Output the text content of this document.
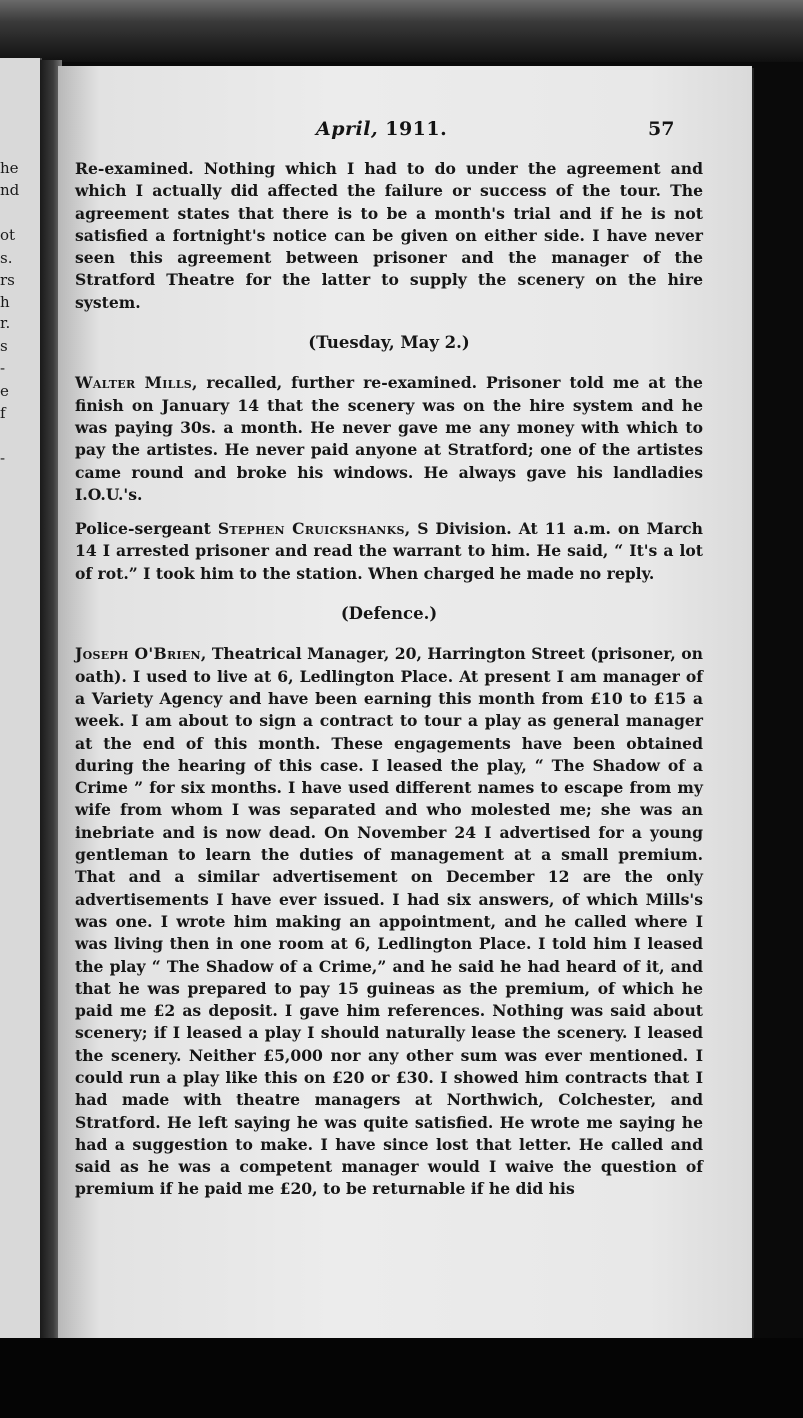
he
nd
ot
s.
rs
h
r.
s
-
e
f
-
April, 1911.	57

Re-examined. Nothing which I had to do under the agreement and which I actually did affected the failure or success of the tour. The agreement states that there is to be a month's trial and if he is not satisfied a fortnight's notice can be given on either side. I have never seen this agreement between prisoner and the manager of the Stratford Theatre for the latter to supply the scenery on the hire system.

(Tuesday, May 2.)

Walter Mills, recalled, further re-examined. Prisoner told me at the finish on January 14 that the scenery was on the hire system and he was paying 30s. a month. He never gave me any money with which to pay the artistes. He never paid anyone at Stratford; one of the artistes came round and broke his windows. He always gave his landladies I.O.U.'s.

Police-sergeant Stephen Cruickshanks, S Division. At 11 a.m. on March 14 I arrested prisoner and read the warrant to him. He said, “ It's a lot of rot.” I took him to the station. When charged he made no reply.

(Defence.)

Joseph O'Brien, Theatrical Manager, 20, Harrington Street (prisoner, on oath). I used to live at 6, Ledlington Place. At present I am manager of a Variety Agency and have been earning this month from £10 to £15 a week. I am about to sign a contract to tour a play as general manager at the end of this month. These engagements have been obtained during the hearing of this case. I leased the play, “ The Shadow of a Crime ” for six months. I have used different names to escape from my wife from whom I was separated and who molested me; she was an inebriate and is now dead. On November 24 I advertised for a young gentleman to learn the duties of management at a small premium. That and a similar advertisement on December 12 are the only advertisements I have ever issued. I had six answers, of which Mills's was one. I wrote him making an appointment, and he called where I was living then in one room at 6, Ledlington Place. I told him I leased the play “ The Shadow of a Crime,” and he said he had heard of it, and that he was prepared to pay 15 guineas as the premium, of which he paid me £2 as deposit. I gave him references. Nothing was said about scenery; if I leased a play I should naturally lease the scenery. I leased the scenery. Neither £5,000 nor any other sum was ever mentioned. I could run a play like this on £20 or £30. I showed him contracts that I had made with theatre managers at Northwich, Colchester, and Stratford. He left saying he was quite satisfied. He wrote me saying he had a suggestion to make. I have since lost that letter. He called and said as he was a competent manager would I waive the question of premium if he paid me £20, to be returnable if he did his
